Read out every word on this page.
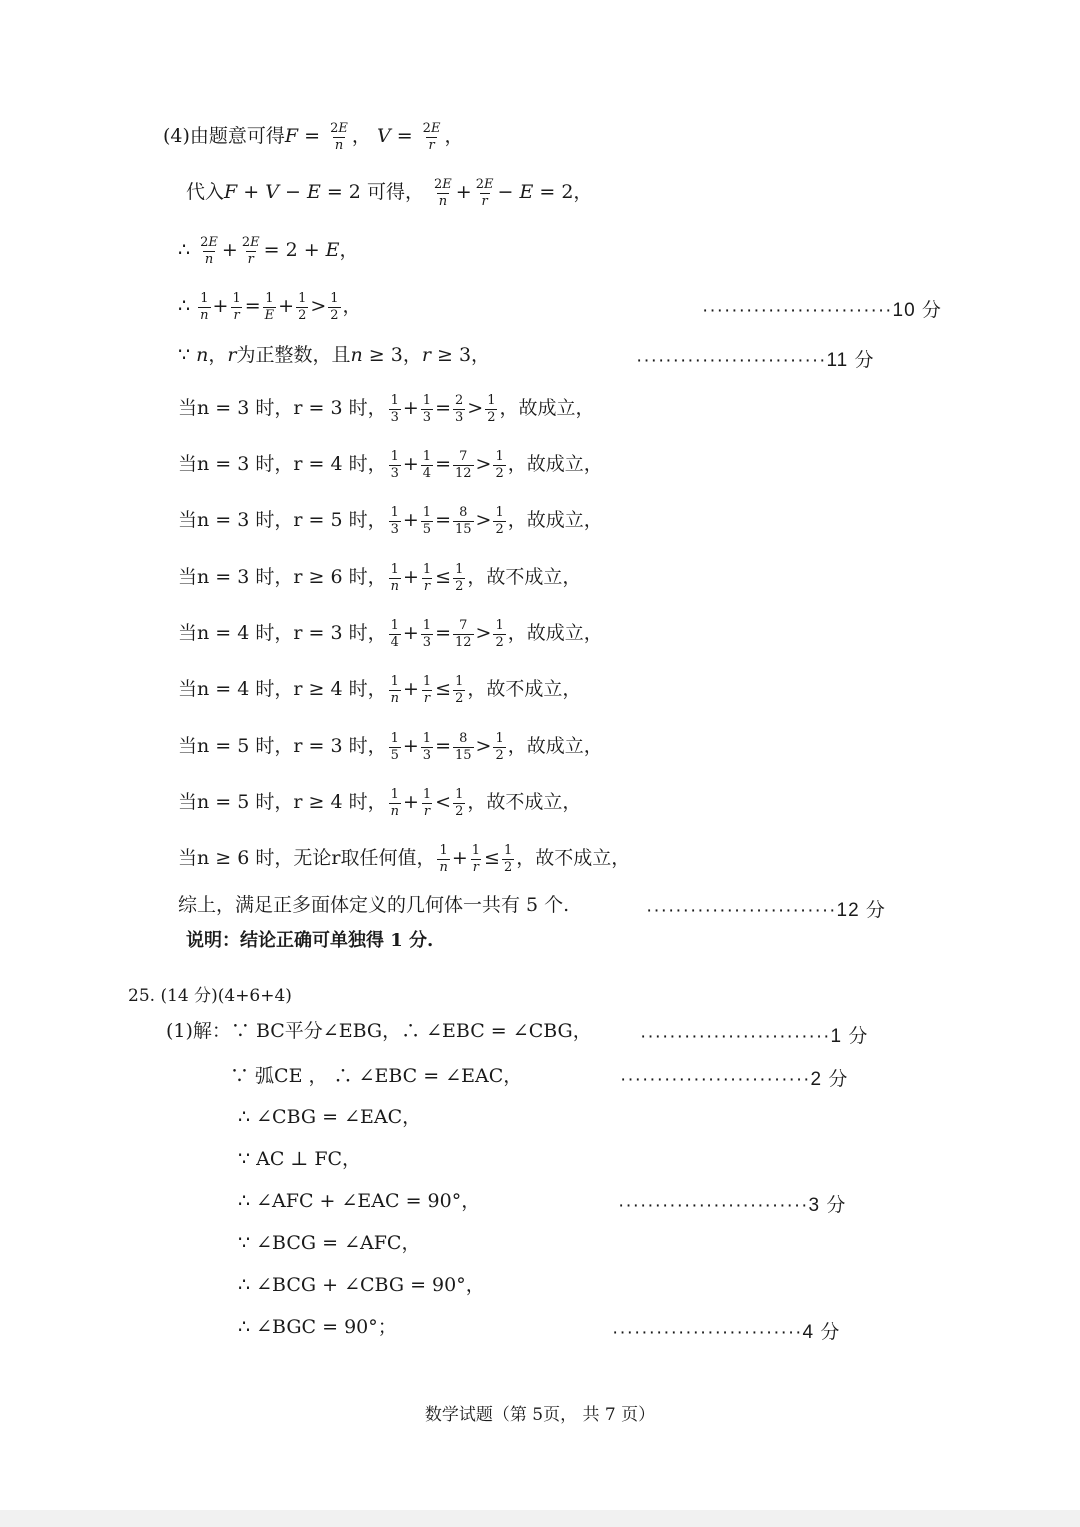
(4)由题意可得$F = \frac{2E}{n}$ ， $V = \frac{2E}{r}$ ，
代入F + V − E = 2 可得， $\frac{2E}{n} + \frac{2E}{r} - E = 2$，
∴ $\frac{2E}{n} + \frac{2E}{r} = 2 + E$，
∴ $\frac{1}{n} + \frac{1}{r} = \frac{1}{E} + \frac{1}{2} > \frac{1}{2}$ ，	··························10 分
∵ n，r为正整数，且n ≥ 3，r ≥ 3，	··························11 分
当n = 3 时，r = 3 时， $\frac{1}{3} + \frac{1}{3} = \frac{2}{3} > \frac{1}{2}$ ，故成立，
当n = 3 时，r = 4 时， $\frac{1}{3} + \frac{1}{4} = \frac{7}{12} > \frac{1}{2}$ ，故成立，
当n = 3 时，r = 5 时， $\frac{1}{3} + \frac{1}{5} = \frac{8}{15} > \frac{1}{2}$ ，故成立，
当n = 3 时，r ≥ 6 时， $\frac{1}{n} + \frac{1}{r} \le \frac{1}{2}$ ，故不成立，
当n = 4 时，r = 3 时， $\frac{1}{4} + \frac{1}{3} = \frac{7}{12} > \frac{1}{2}$ ，故成立，
当n = 4 时，r ≥ 4 时， $\frac{1}{n} + \frac{1}{r} \le \frac{1}{2}$ ，故不成立，
当n = 5 时，r = 3 时， $\frac{1}{5} + \frac{1}{3} = \frac{8}{15} > \frac{1}{2}$ ，故成立，
当n = 5 时，r ≥ 4 时， $\frac{1}{n} + \frac{1}{r} < \frac{1}{2}$ ，故不成立，
当n ≥ 6 时，无论r取任何值， $\frac{1}{n} + \frac{1}{r} \le \frac{1}{2}$ ，故不成立，
综上，满足正多面体定义的几何体一共有 5 个.	··························12 分
说明：结论正确可单独得 1 分.
25. (14 分)(4+6+4)
(1)解：∵ BC平分∠EBG，∴ ∠EBC = ∠CBG，	··························1 分
∵ 弧CE ， ∴ ∠EBC = ∠EAC，	··························2 分
∴ ∠CBG = ∠EAC，
∵ AC ⊥ FC，
∴ ∠AFC + ∠EAC = 90°，	··························3 分
∵ ∠BCG = ∠AFC，
∴ ∠BCG + ∠CBG = 90°，
∴ ∠BGC = 90°；	··························4 分
数学试题（第 5页， 共 7 页）
